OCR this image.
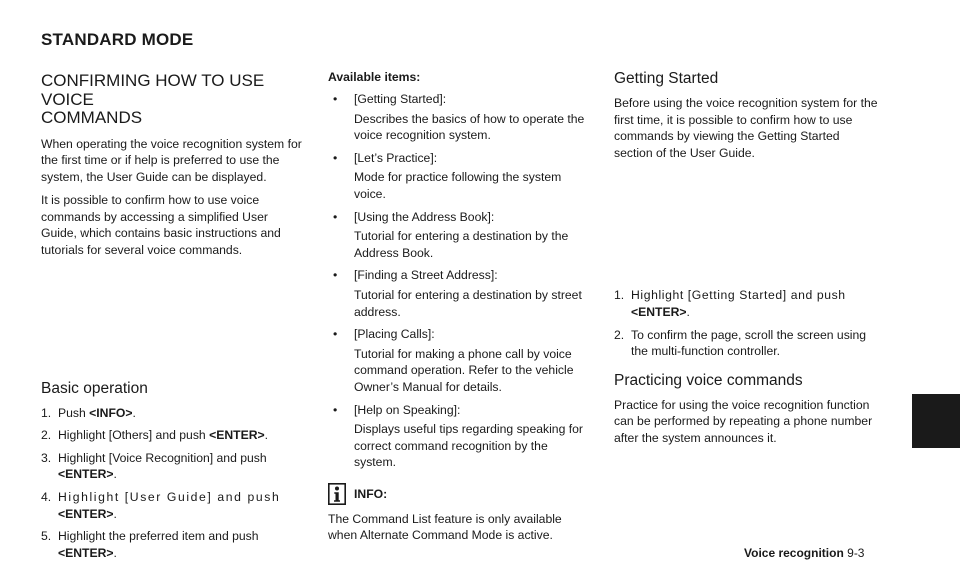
STANDARD MODE
CONFIRMING HOW TO USE VOICE
COMMANDS

When operating the voice recognition system for the first time or if help is preferred to use the system, the User Guide can be displayed.

It is possible to confirm how to use voice commands by accessing a simplified User Guide, which contains basic instructions and tutorials for several voice commands.

Basic operation
1. Push <INFO>.
2. Highlight [Others] and push <ENTER>.
3. Highlight [Voice Recognition] and push <ENTER>.
4. Highlight [User Guide] and push <ENTER>.
5. Highlight the preferred item and push <ENTER>.
Available items:
•	[Getting Started]:
Describes the basics of how to operate the voice recognition system.
•	[Let’s Practice]:
Mode for practice following the system voice.
•	[Using the Address Book]:
Tutorial for entering a destination by the Address Book.
•	[Finding a Street Address]:
Tutorial for entering a destination by street address.
•	[Placing Calls]:
Tutorial for making a phone call by voice command operation. Refer to the vehicle Owner’s Manual for details.
•	[Help on Speaking]:
Displays useful tips regarding speaking for correct command recognition by the system.
INFO:

The Command List feature is only available when Alternate Command Mode is active.

Getting Started

Before using the voice recognition system for the first time, it is possible to confirm how to use commands by viewing the Getting Started section of the User Guide.

1. Highlight [Getting Started] and push <ENTER>.
2. To confirm the page, scroll the screen using the multi-function controller.
Practicing voice commands

Practice for using the voice recognition function can be performed by repeating a phone number after the system announces it.

Voice recognition 9-3
